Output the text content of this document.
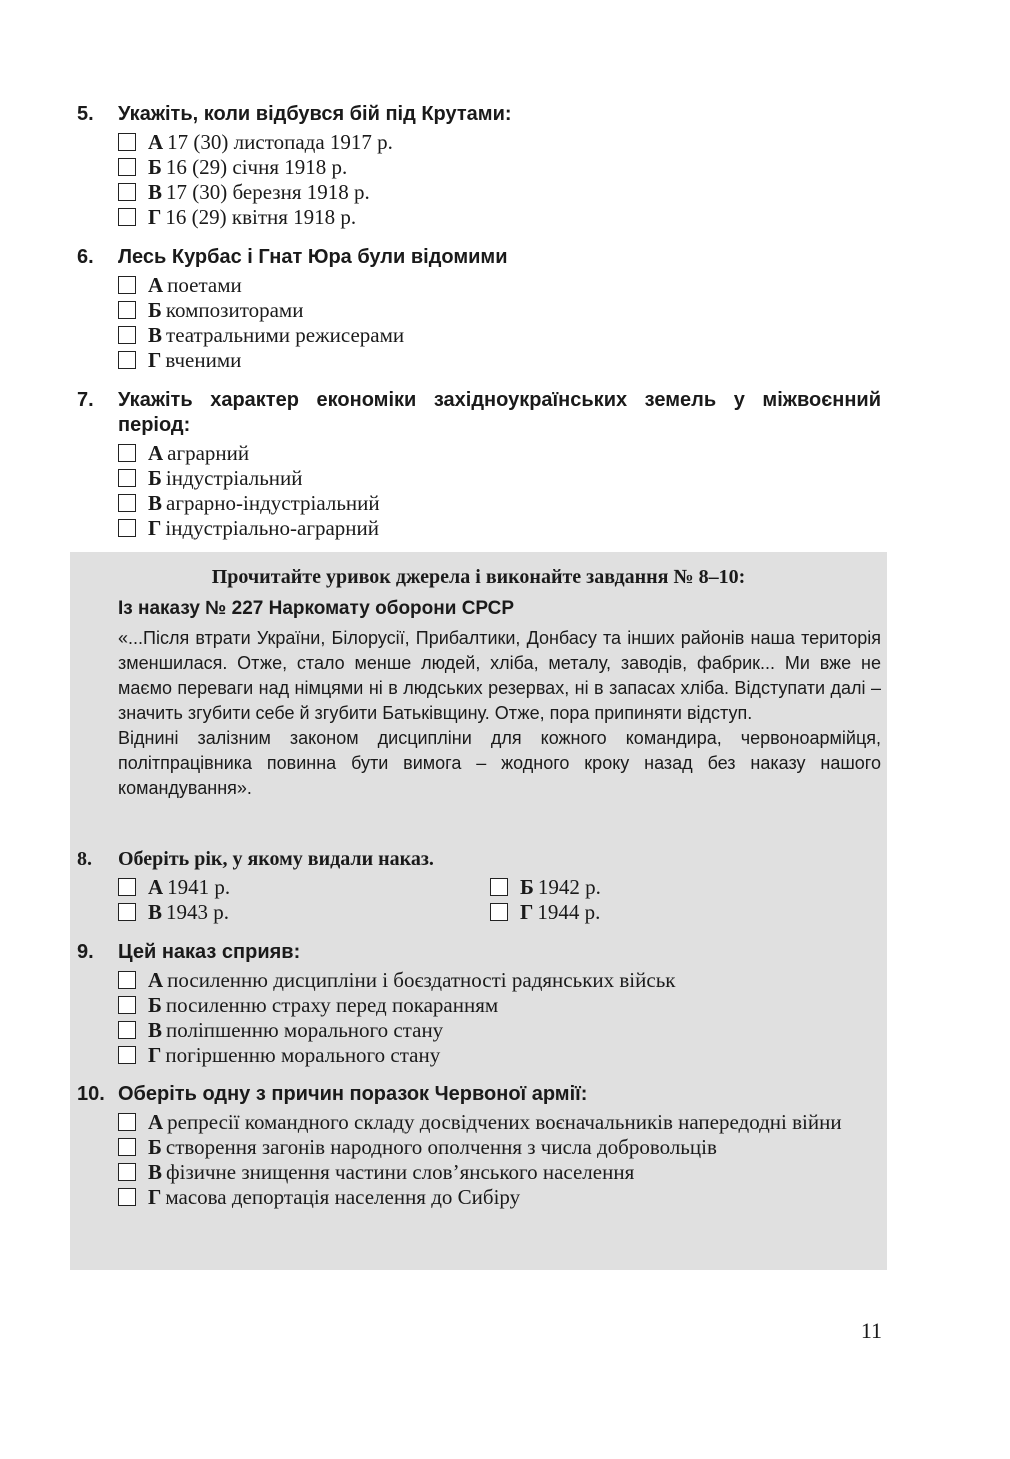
5.	Укажіть, коли відбувся бій під Крутами:
А 17 (30) листопада 1917 р.
Б 16 (29) січня 1918 р.
В 17 (30) березня 1918 р.
Г 16 (29) квітня 1918 р.
6.	Лесь Курбас і Гнат Юра були відомими
А поетами
Б композиторами
В театральними режисерами
Г вченими
7.	Укажіть характер економіки західноукраїнських земель у міжвоєнний період:
А аграрний
Б індустріальний
В аграрно-індустріальний
Г індустріально-аграрний
Прочитайте уривок джерела і виконайте завдання № 8–10:
Із наказу № 227 Наркомату оборони СРСР

«...Після втрати України, Білорусії, Прибалтики, Донбасу та інших районів наша територія зменшилася. Отже, стало менше людей, хліба, металу, заводів, фабрик... Ми вже не маємо переваги над німцями ні в людських резервах, ні в запасах хліба. Відступати далі – значить згубити себе й згубити Батьківщину. Отже, пора припиняти відступ.

Віднині залізним законом дисципліни для кожного командира, червоноармійця, політпрацівника повинна бути вимога – жодного кроку назад без наказу нашого командування».

8.	Оберіть рік, у якому видали наказ.
А 1941 р.	Б 1942 р.
В 1943 р.	Г 1944 р.
9.	Цей наказ сприяв:
А посиленню дисципліни і боєздатності радянських військ
Б посиленню страху перед покаранням
В поліпшенню морального стану
Г погіршенню морального стану
10. Оберіть одну з причин поразок Червоної армії:
А репресії командного складу досвідчених воєначальників напередодні війни
Б створення загонів народного ополчення з числа добровольців
В фізичне знищення частини слов’янського населення
Г масова депортація населення до Сибіру
11
